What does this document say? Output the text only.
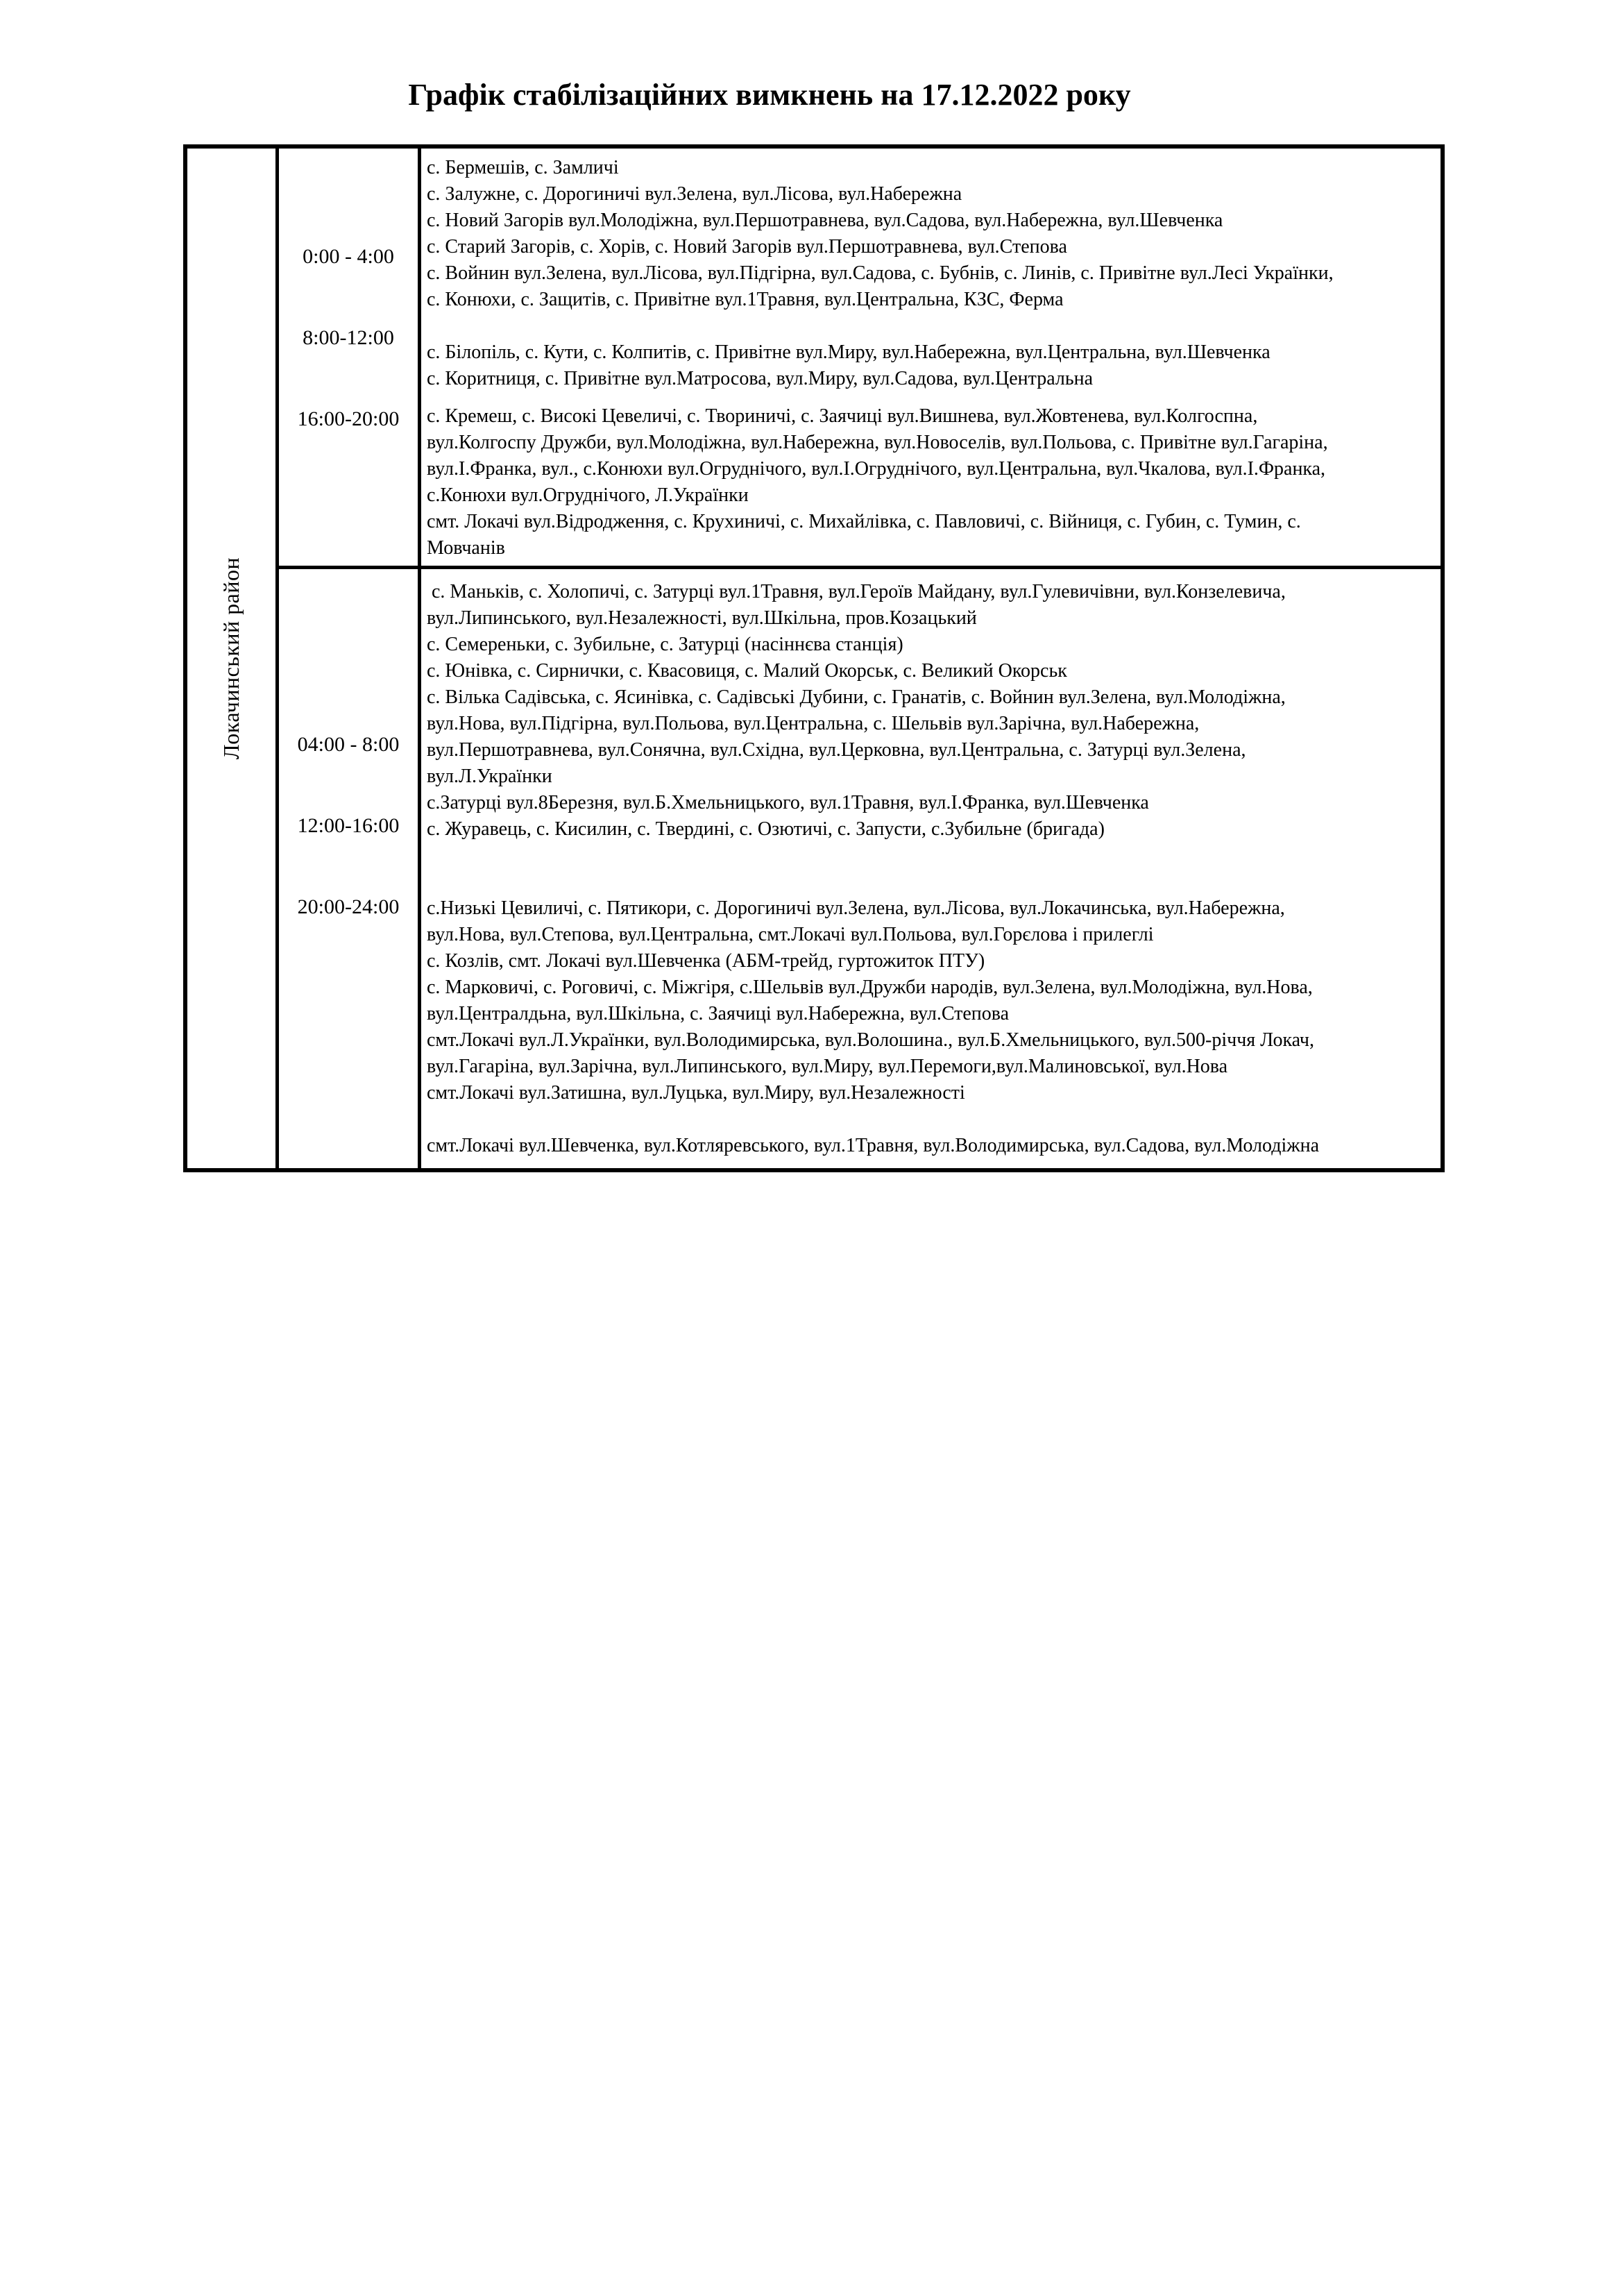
Графік стабілізаційних вимкнень на 17.12.2022 року
Локачинський район

0:00 - 4:00

8:00-12:00

16:00-20:00

с. Бермешів, с. Замличі
с. Залужне, с. Дорогиничі вул.Зелена, вул.Лісова, вул.Набережна
с. Новий Загорів вул.Молодіжна, вул.Першотравнева, вул.Садова, вул.Набережна, вул.Шевченка
с. Старий Загорів, с. Хорів, с. Новий Загорів вул.Першотравнева, вул.Степова
с. Войнин вул.Зелена, вул.Лісова, вул.Підгірна, вул.Садова, с. Бубнів, с. Линів, с. Привітне вул.Лесі Українки,
с. Конюхи, с. Защитів, с. Привітне вул.1Травня, вул.Центральна, КЗС, Ферма
с. Білопіль, с. Кути, с. Колпитів, с. Привітне вул.Миру, вул.Набережна, вул.Центральна, вул.Шевченка
с. Коритниця, с. Привітне вул.Матросова, вул.Миру, вул.Садова, вул.Центральна
с. Кремеш, с. Високі Цевеличі, с. Твориничі, с. Заячиці вул.Вишнева, вул.Жовтенева, вул.Колгоспна,
вул.Колгоспу Дружби, вул.Молодіжна, вул.Набережна, вул.Новоселів, вул.Польова, с. Привітне вул.Гагаріна,
вул.І.Франка, вул., с.Конюхи вул.Огруднічого, вул.І.Огруднічого, вул.Центральна, вул.Чкалова, вул.І.Франка,
с.Конюхи вул.Огруднічого, Л.Українки
смт. Локачі вул.Відродження, с. Крухиничі, с. Михайлівка, с. Павловичі, с. Війниця, с. Губин, с. Тумин, с.
Мовчанів

04:00 - 8:00

12:00-16:00

20:00-24:00

с. Маньків, с. Холопичі, с. Затурці вул.1Травня, вул.Героїв Майдану, вул.Гулевичівни, вул.Конзелевича,
вул.Липинського, вул.Незалежності, вул.Шкільна, пров.Козацький
с. Семереньки, с. Зубильне, с. Затурці (насіннєва станція)
с. Юнівка, с. Сирнички, с. Квасовиця, с. Малий Окорськ, с. Великий Окорськ
с. Вілька Садівська, с. Ясинівка, с. Садівські Дубини, с. Гранатів, с. Войнин вул.Зелена, вул.Молодіжна,
вул.Нова, вул.Підгірна, вул.Польова, вул.Центральна, с. Шельвів вул.Зарічна, вул.Набережна,
вул.Першотравнева, вул.Сонячна, вул.Східна, вул.Церковна, вул.Центральна, с. Затурці вул.Зелена,
вул.Л.Українки
с.Затурці вул.8Березня, вул.Б.Хмельницького, вул.1Травня, вул.І.Франка, вул.Шевченка
с. Журавець, с. Кисилин, с. Твердині, с. Озютичі, с. Запусти, с.Зубильне (бригада)
с.Низькі Цевиличі, с. Пятикори, с. Дорогиничі вул.Зелена, вул.Лісова, вул.Локачинська, вул.Набережна,
вул.Нова, вул.Степова, вул.Центральна, смт.Локачі вул.Польова, вул.Горєлова і прилеглі
с. Козлів, смт. Локачі вул.Шевченка (АБМ-трейд, гуртожиток ПТУ)
с. Марковичі, с. Роговичі, с. Міжгіря, с.Шельвів вул.Дружби народів, вул.Зелена, вул.Молодіжна, вул.Нова,
вул.Централдьна, вул.Шкільна, с. Заячиці вул.Набережна, вул.Степова
смт.Локачі вул.Л.Українки, вул.Володимирська, вул.Волошина., вул.Б.Хмельницького, вул.500-річчя Локач,
вул.Гагаріна, вул.Зарічна, вул.Липинського, вул.Миру, вул.Перемоги,вул.Малиновської, вул.Нова
смт.Локачі вул.Затишна, вул.Луцька, вул.Миру, вул.Незалежності
смт.Локачі вул.Шевченка, вул.Котляревського, вул.1Травня, вул.Володимирська, вул.Садова, вул.Молодіжна
